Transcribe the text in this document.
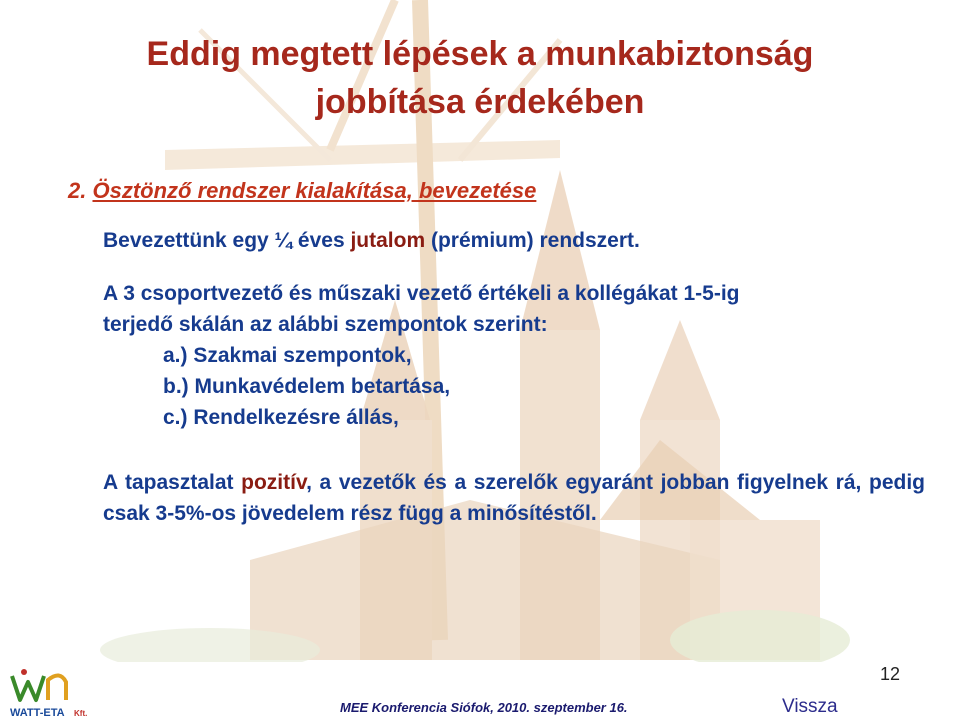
Eddig megtett lépések a munkabiztonság
jobbítása érdekében
2. Ösztönző rendszer kialakítása, bevezetése
Bevezettünk egy ¼ éves jutalom (prémium) rendszert.
A 3 csoportvezető és műszaki vezető értékeli a kollégákat 1-5-ig
terjedő skálán az alábbi szempontok szerint:
a.) Szakmai szempontok,
b.) Munkavédelem betartása,
c.) Rendelkezésre állás,
A tapasztalat pozitív, a vezetők és a szerelők egyaránt jobban figyelnek rá, pedig csak 3-5%-os jövedelem rész függ a minősítéstől.
WATT-ETA Kft.	MEE Konferencia Siófok, 2010. szeptember 16.	Vissza
12
